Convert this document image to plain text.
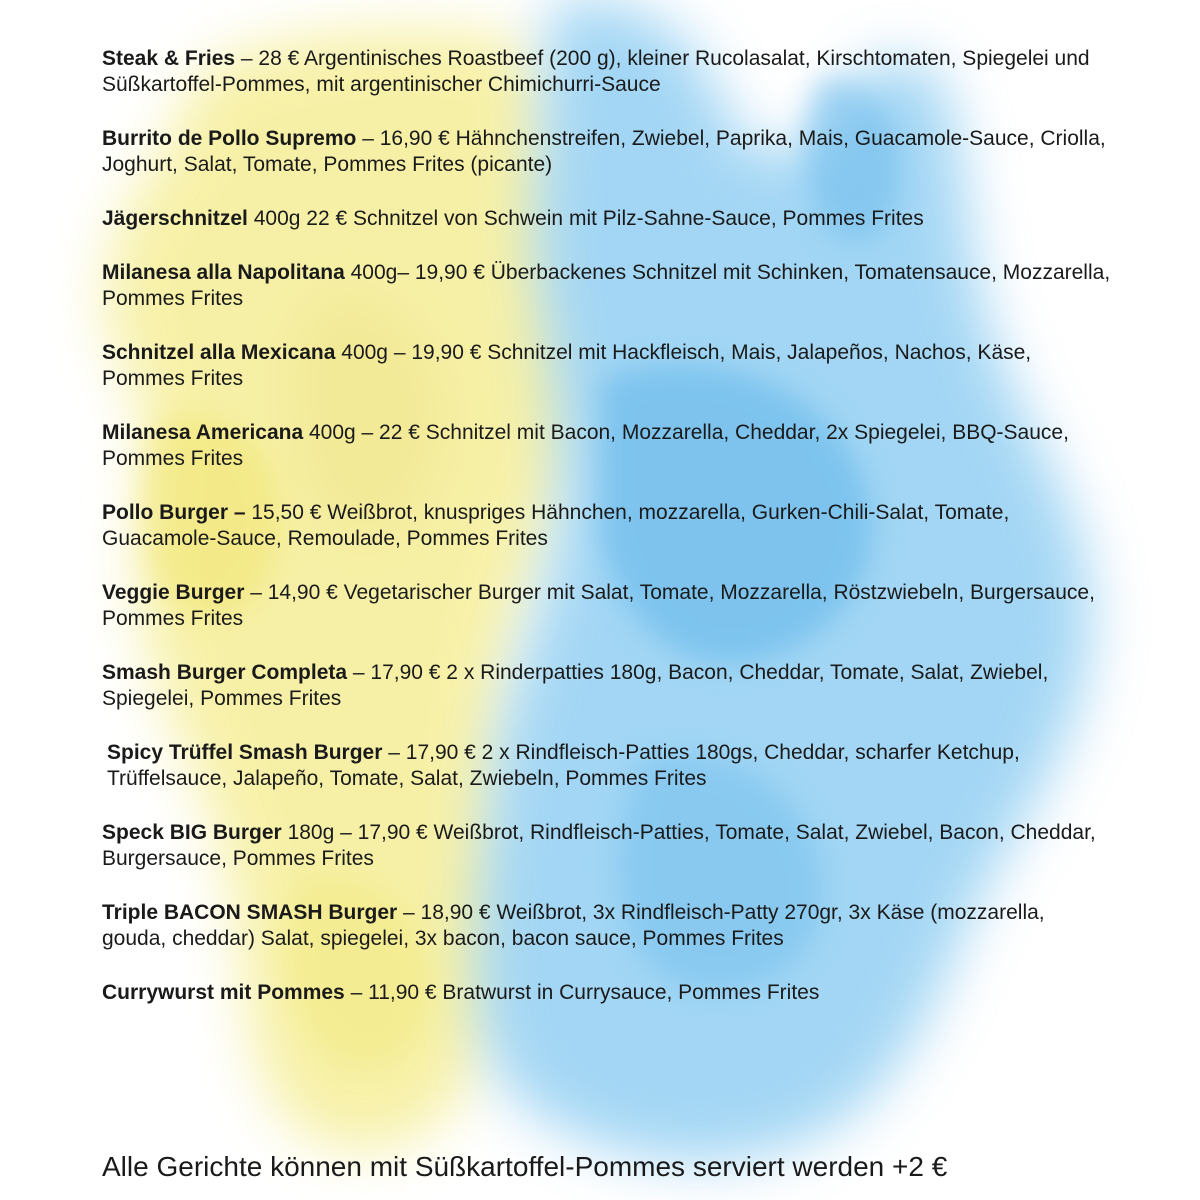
Steak & Fries – 28 € Argentinisches Roastbeef (200 g), kleiner Rucolasalat, Kirschtomaten, Spiegelei und Süßkartoffel-Pommes, mit argentinischer Chimichurri-Sauce
Burrito de Pollo Supremo – 16,90 € Hähnchenstreifen, Zwiebel, Paprika, Mais, Guacamole-Sauce, Criolla, Joghurt, Salat, Tomate, Pommes Frites (picante)
Jägerschnitzel 400g 22 € Schnitzel von Schwein mit Pilz-Sahne-Sauce, Pommes Frites
Milanesa alla Napolitana 400g– 19,90 € Überbackenes Schnitzel mit Schinken, Tomatensauce, Mozzarella, Pommes Frites
Schnitzel alla Mexicana 400g – 19,90 € Schnitzel mit Hackfleisch, Mais, Jalapeños, Nachos, Käse, Pommes Frites
Milanesa Americana 400g – 22 € Schnitzel mit Bacon, Mozzarella, Cheddar, 2x Spiegelei, BBQ-Sauce, Pommes Frites
Pollo Burger – 15,50 € Weißbrot, knuspriges Hähnchen, mozzarella, Gurken-Chili-Salat, Tomate, Guacamole-Sauce, Remoulade, Pommes Frites
Veggie Burger – 14,90 € Vegetarischer Burger mit Salat, Tomate, Mozzarella, Röstzwiebeln, Burgersauce, Pommes Frites
Smash Burger Completa – 17,90 € 2 x Rinderpatties 180g, Bacon, Cheddar, Tomate, Salat, Zwiebel, Spiegelei, Pommes Frites
Spicy Trüffel Smash Burger – 17,90 € 2 x Rindfleisch-Patties 180gs, Cheddar, scharfer Ketchup, Trüffelsauce, Jalapeño, Tomate, Salat, Zwiebeln, Pommes Frites
Speck BIG Burger 180g – 17,90 € Weißbrot, Rindfleisch-Patties, Tomate, Salat, Zwiebel, Bacon, Cheddar, Burgersauce, Pommes Frites
Triple BACON SMASH Burger – 18,90 € Weißbrot, 3x Rindfleisch-Patty 270gr, 3x Käse (mozzarella, gouda, cheddar) Salat, spiegelei, 3x bacon, bacon sauce, Pommes Frites
Currywurst mit Pommes – 11,90 € Bratwurst in Currysauce, Pommes Frites
Alle Gerichte können mit Süßkartoffel-Pommes serviert werden +2 €
